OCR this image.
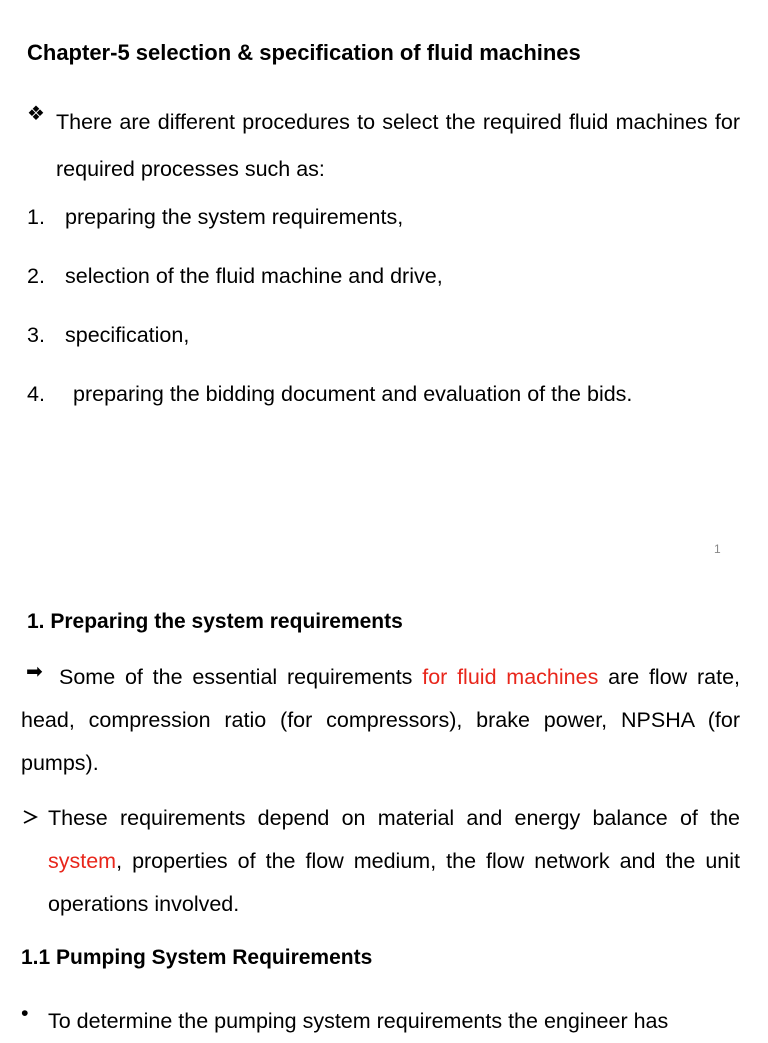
Chapter-5 selection & specification of fluid machines
❖ There are different procedures to select the required fluid machines for required processes such as:
1. preparing the system requirements,
2. selection of the fluid machine and drive,
3. specification,
4. preparing the bidding document and evaluation of the bids.
1
1. Preparing the system requirements
➡ Some of the essential requirements for fluid machines are flow rate, head, compression ratio (for compressors), brake power, NPSHA (for pumps).
These requirements depend on material and energy balance of the system, properties of the flow medium, the flow network and the unit operations involved.
1.1 Pumping System Requirements
• To determine the pumping system requirements the engineer has
